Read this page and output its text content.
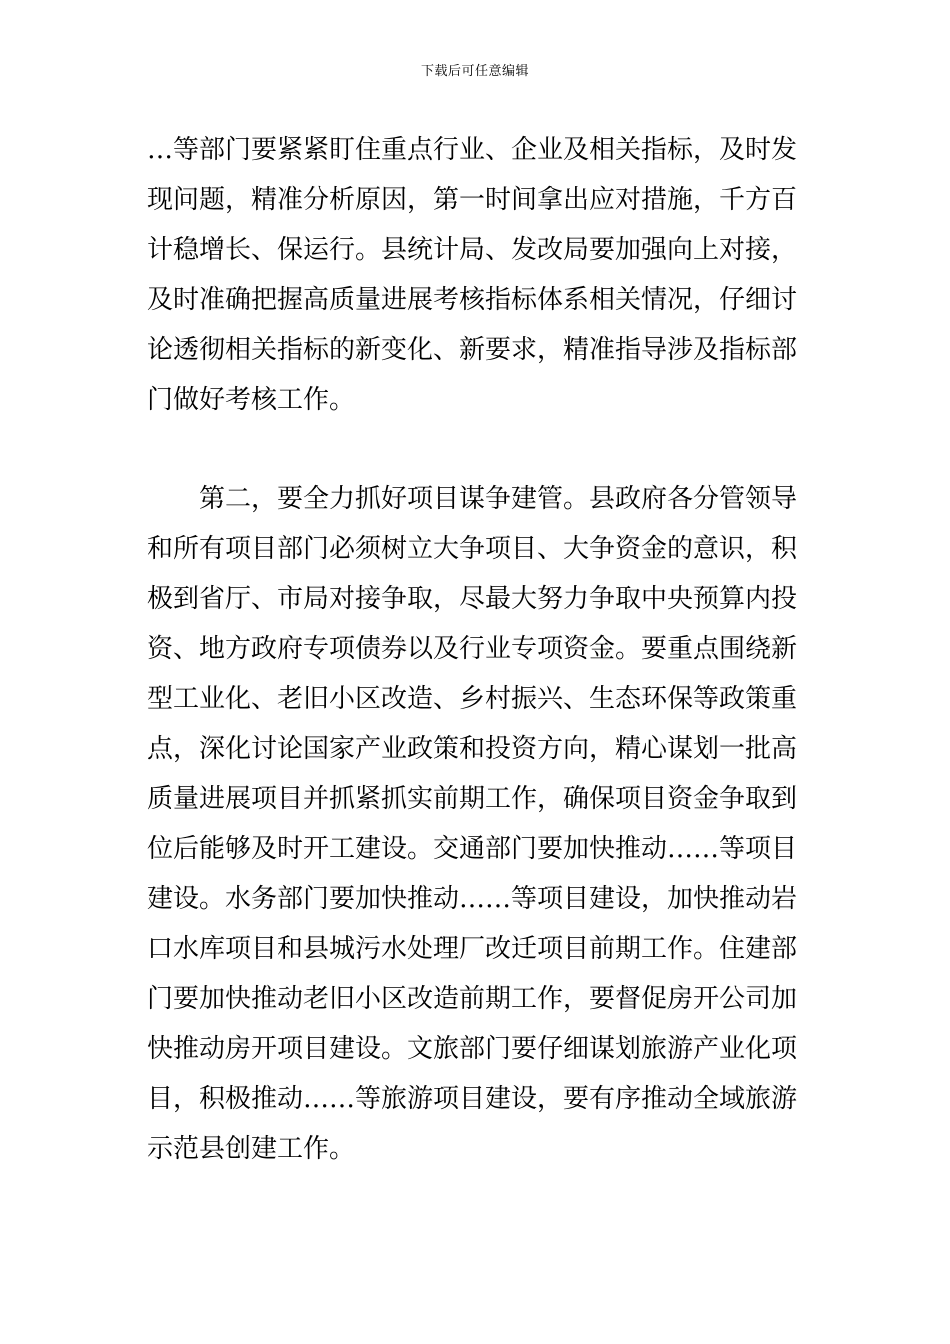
下载后可任意编辑
…等部门要紧紧盯住重点行业、企业及相关指标，及时发
现问题，精准分析原因，第一时间拿出应对措施，千方百
计稳增长、保运行。县统计局、发改局要加强向上对接，
及时准确把握高质量进展考核指标体系相关情况，仔细讨
论透彻相关指标的新变化、新要求，精准指导涉及指标部
门做好考核工作。
第二，要全力抓好项目谋争建管。县政府各分管领导
和所有项目部门必须树立大争项目、大争资金的意识，积
极到省厅、市局对接争取，尽最大努力争取中央预算内投
资、地方政府专项债券以及行业专项资金。要重点围绕新
型工业化、老旧小区改造、乡村振兴、生态环保等政策重
点，深化讨论国家产业政策和投资方向，精心谋划一批高
质量进展项目并抓紧抓实前期工作，确保项目资金争取到
位后能够及时开工建设。交通部门要加快推动……等项目
建设。水务部门要加快推动……等项目建设，加快推动岩
口水库项目和县城污水处理厂改迁项目前期工作。住建部
门要加快推动老旧小区改造前期工作，要督促房开公司加
快推动房开项目建设。文旅部门要仔细谋划旅游产业化项
目，积极推动……等旅游项目建设，要有序推动全域旅游
示范县创建工作。
